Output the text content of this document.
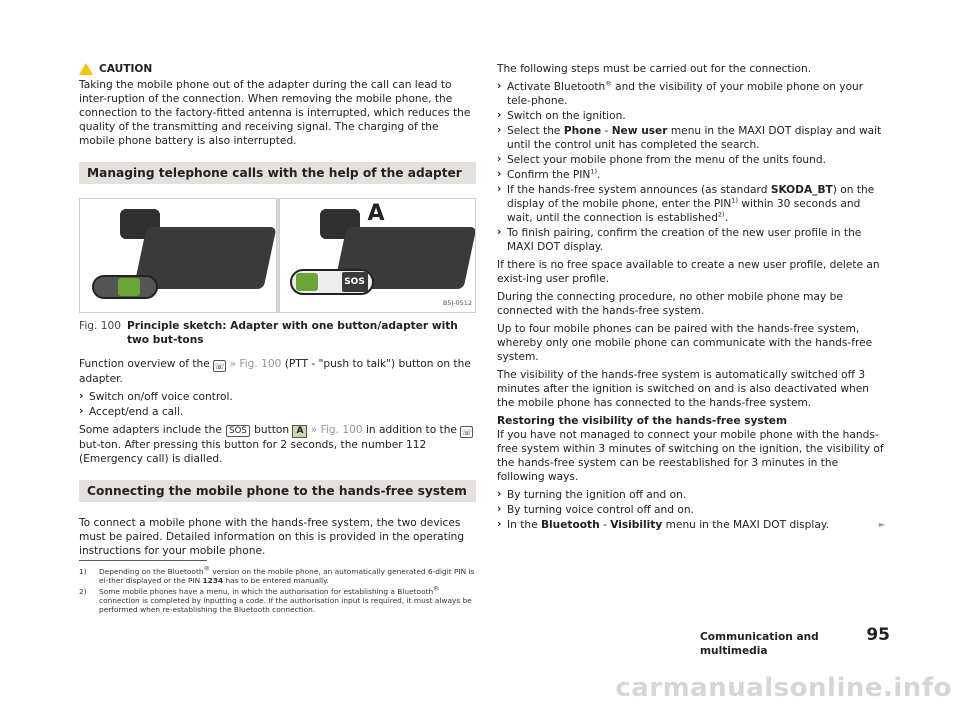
CAUTION

Taking the mobile phone out of the adapter during the call can lead to inter-ruption of the connection. When removing the mobile phone, the connection to the factory-fitted antenna is interrupted, which reduces the quality of the transmitting and receiving signal. The charging of the mobile phone battery is also interrupted.

Managing telephone calls with the help of the adapter
A
SOS
B5J-0512
Fig. 100 Principle sketch: Adapter with one button/adapter with two but-tons

Function overview of the ☏ » Fig. 100 (PTT - "push to talk") button on the adapter.

› Switch on/off voice control.
› Accept/end a call.

Some adapters include the SOS button A » Fig. 100 in addition to the ☏ but-ton. After pressing this button for 2 seconds, the number 112 (Emergency call) is dialled.

Connecting the mobile phone to the hands-free system

To connect a mobile phone with the hands-free system, the two devices must be paired. Detailed information on this is provided in the operating instructions for your mobile phone.

The following steps must be carried out for the connection.

› Activate Bluetooth® and the visibility of your mobile phone on your tele-phone.
› Switch on the ignition.
› Select the Phone - New user menu in the MAXI DOT display and wait until the control unit has completed the search.
› Select your mobile phone from the menu of the units found.
› Confirm the PIN$^{1)}$.
› If the hands-free system announces (as standard SKODA_BT) on the display of the mobile phone, enter the PIN$^{1)}$ within 30 seconds and wait, until the connection is established$^{2)}$.
› To finish pairing, confirm the creation of the new user profile in the MAXI DOT display.

If there is no free space available to create a new user profile, delete an exist-ing user profile.

During the connecting procedure, no other mobile phone may be connected with the hands-free system.

Up to four mobile phones can be paired with the hands-free system, whereby only one mobile phone can communicate with the hands-free system.

The visibility of the hands-free system is automatically switched off 3 minutes after the ignition is switched on and is also deactivated when the mobile phone has connected to the hands-free system.

Restoring the visibility of the hands-free system

If you have not managed to connect your mobile phone with the hands-free system within 3 minutes of switching on the ignition, the visibility of the hands-free system can be reestablished for 3 minutes in the following ways.

› By turning the ignition off and on.
› By turning voice control off and on.
› In the Bluetooth - Visibility menu in the MAXI DOT display.	►
1)	Depending on the Bluetooth® version on the mobile phone, an automatically generated 6-digit PIN is ei-ther displayed or the PIN 1234 has to be entered manually.
2)	Some mobile phones have a menu, in which the authorisation for establishing a Bluetooth® connection is completed by inputting a code. If the authorisation input is required, it must always be performed when re-establishing the Bluetooth connection.
Communication and multimedia
95
carmanualsonline.info
